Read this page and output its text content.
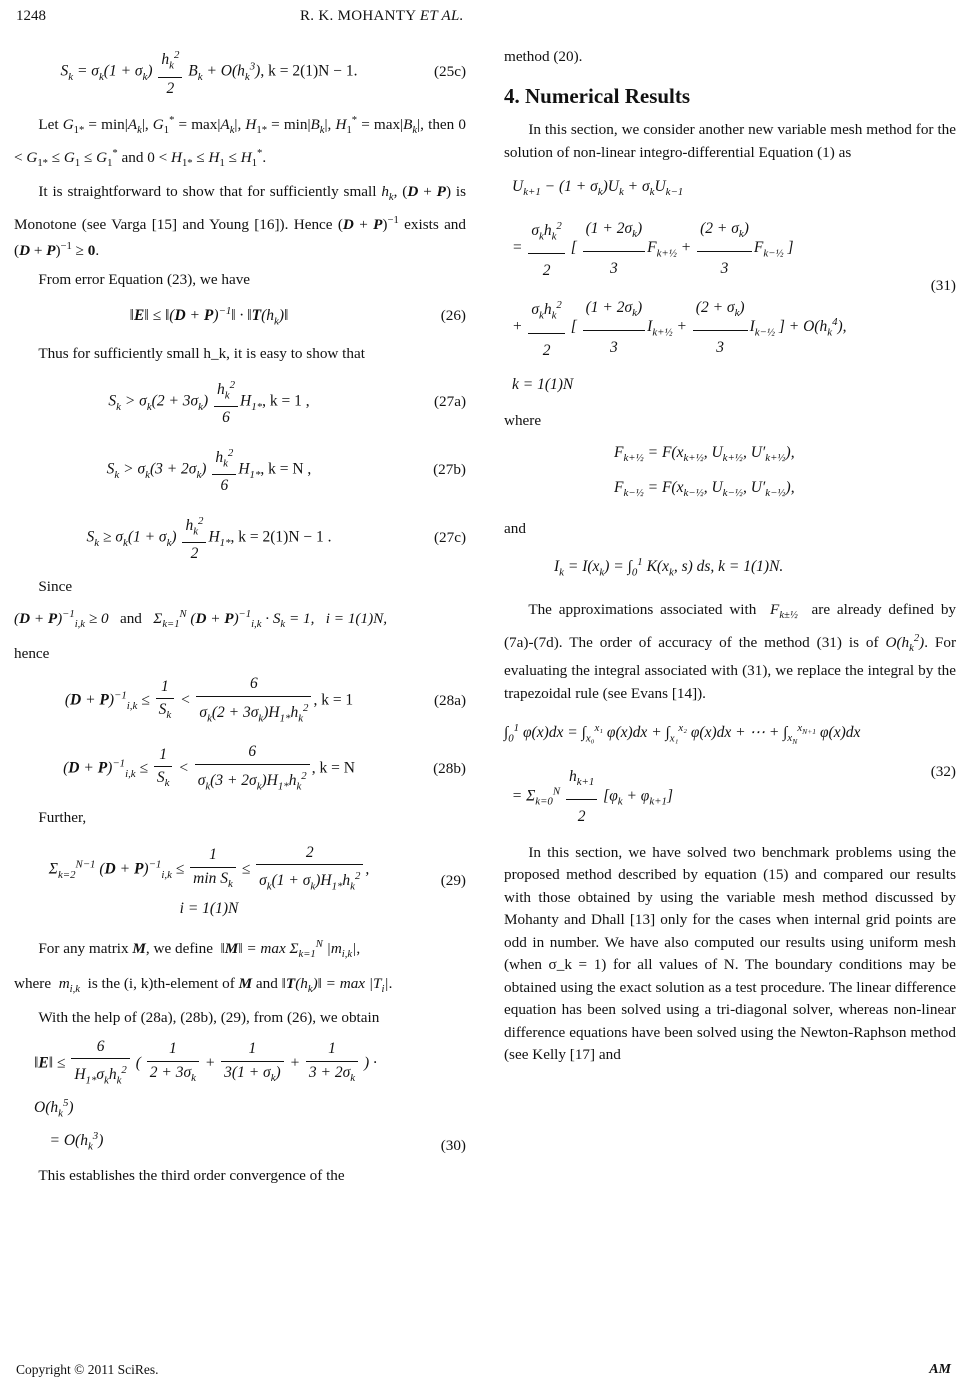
1248	R. K. MOHANTY ET AL.
$S_k = \sigma_k(1 + \sigma_k) \frac{h_k^2}{2} B_k + O(h_k^3)$, k = 2(1)N − 1.	(25c)

Let $G_{1*} = \min|A_k|$, $G_1^* = \max|A_k|$, $H_{1*} = \min|B_k|$, $H_1^* = \max|B_k|$, then $0 < G_{1*} \le G_1 \le G_1^*$ and $0 < H_{1*} \le H_1 \le H_1^*$.

It is straightforward to show that for sufficiently small $h_k$, (D + P) is Monotone (see Varga [15] and Young [16]). Hence $(D + P)^{-1}$ exists and $(D + P)^{-1} \ge 0$.

From error Equation (23), we have

‖E‖ ≤ ‖(D + P)$^{-1}$‖ · $‖T(h_k)‖$	(26)

Thus for sufficiently small h_k, it is easy to show that

$S_k > \sigma_k(2 + 3\sigma_k) \frac{h_k^2}{6} H_{1*}$, k = 1 ,	(27a)
$S_k > \sigma_k(3 + 2\sigma_k) \frac{h_k^2}{6} H_{1*}$, k = N ,	(27b)
$S_k \ge \sigma_k(1 + \sigma_k) \frac{h_k^2}{2} H_{1*}$, k = 2(1)N − 1 .	(27c)

Since

$(D + P)^{-1}_{i,k} \ge 0$   and   $\Sigma_{k=1}^N$ $(D + P)^{-1}_{i,k} \cdot S_k = 1$,   i = 1(1)N,

hence

$(D + P)^{-1}_{i,k} \le \frac{1}{S_k} < \frac{6}{\sigma_k(2 + 3\sigma_k)H_{1*}h_k^2}$ , k = 1	(28a)
$(D + P)^{-1}_{i,k} \le \frac{1}{S_k} < \frac{6}{\sigma_k(3 + 2\sigma_k)H_{1*}h_k^2}$ , k = N	(28b)

Further,

$\Sigma_{k=2}^{N-1}$ $(D + P)^{-1}_{i,k} \le \frac{1}{\min S_k} \le \frac{2}{\sigma_k(1 + \sigma_k)H_{1*}h_k^2}$ ,
i = 1(1)N
(29)

For any matrix M, we define ‖M‖ = $\max \Sigma_{k=1}^N$ $|m_{i,k}|$,

where $m_{i,k}$ is the (i, k)th-element of M and $‖T(h_k)‖ = \max |T_i|$.

With the help of (28a), (28b), (29), from (26), we obtain

‖E‖ ≤ $\frac{6}{H_{1*}\sigma_kh_k^2}$ ( $\frac{1}{2 + 3\sigma_k} + \frac{1}{3(1 + \sigma_k)} + \frac{1}{3 + 2\sigma_k}$ ) · $O(h_k^5)$
= $O(h_k^3)$	(30)

This establishes the third order convergence of the

method (20).

4. Numerical Results

In this section, we consider another new variable mesh method for the solution of non-linear integro-differential Equation (1) as

$U_{k+1} - (1 + \sigma_k)U_k + \sigma_kU_{k-1}$
= $\frac{\sigma_kh_k^2}{2}$ [ $\frac{(1 + 2\sigma_k)}{3} F_{k+\frac{1}{2}} + \frac{(2 + \sigma_k)}{3} F_{k-\frac{1}{2}}$ ]
+ $\frac{\sigma_kh_k^2}{2}$ [ $\frac{(1 + 2\sigma_k)}{3} I_{k+\frac{1}{2}} + \frac{(2 + \sigma_k)}{3} I_{k-\frac{1}{2}}$ ] + $O(h_k^4)$,
k = 1(1)N
(31)

where

$F_{k+\frac{1}{2}} = F(x_{k+\frac{1}{2}}$, $U_{k+\frac{1}{2}}$, $U'_{k+\frac{1}{2}}$),
$F_{k-\frac{1}{2}} = F(x_{k-\frac{1}{2}}$, $U_{k-\frac{1}{2}}$, $U'_{k-\frac{1}{2}}$),

and

$I_k = I(x_k) = \int_0^1$ $K(x_k$, s) ds, k = 1(1)N.

The approximations associated with $F_{k\pm\frac{1}{2}}$ are already defined by (7a)-(7d). The order of accuracy of the method (31) is of $O(h_k^2)$. For evaluating the integral associated with (31), we replace the integral by the trapezoidal rule (see Evans [14]).

$\int_0^1$ $\varphi(x)dx = \int_{x_0}^{x_1}$ $\varphi(x)dx + \int_{x_1}^{x_2}$ φ(x)dx + ⋯ + $\int_{x_N}^{x_{N+1}}$ φ(x)dx
= $\Sigma_{k=0}^N \frac{h_{k+1}}{2} [\varphi_k + \varphi_{k+1}]$
(32)

In this section, we have solved two benchmark problems using the proposed method described by equation (15) and compared our results with those obtained by using the variable mesh method discussed by Mohanty and Dhall [13] only for the cases when internal grid points are odd in number. We have also computed our results using uniform mesh (when σ_k = 1) for all values of N. The boundary conditions may be obtained using the exact solution as a test procedure. The linear difference equation has been solved using a tri-diagonal solver, whereas non-linear difference equations have been solved using the Newton-Raphson method (see Kelly [17] and

Copyright © 2011 SciRes.	AM
